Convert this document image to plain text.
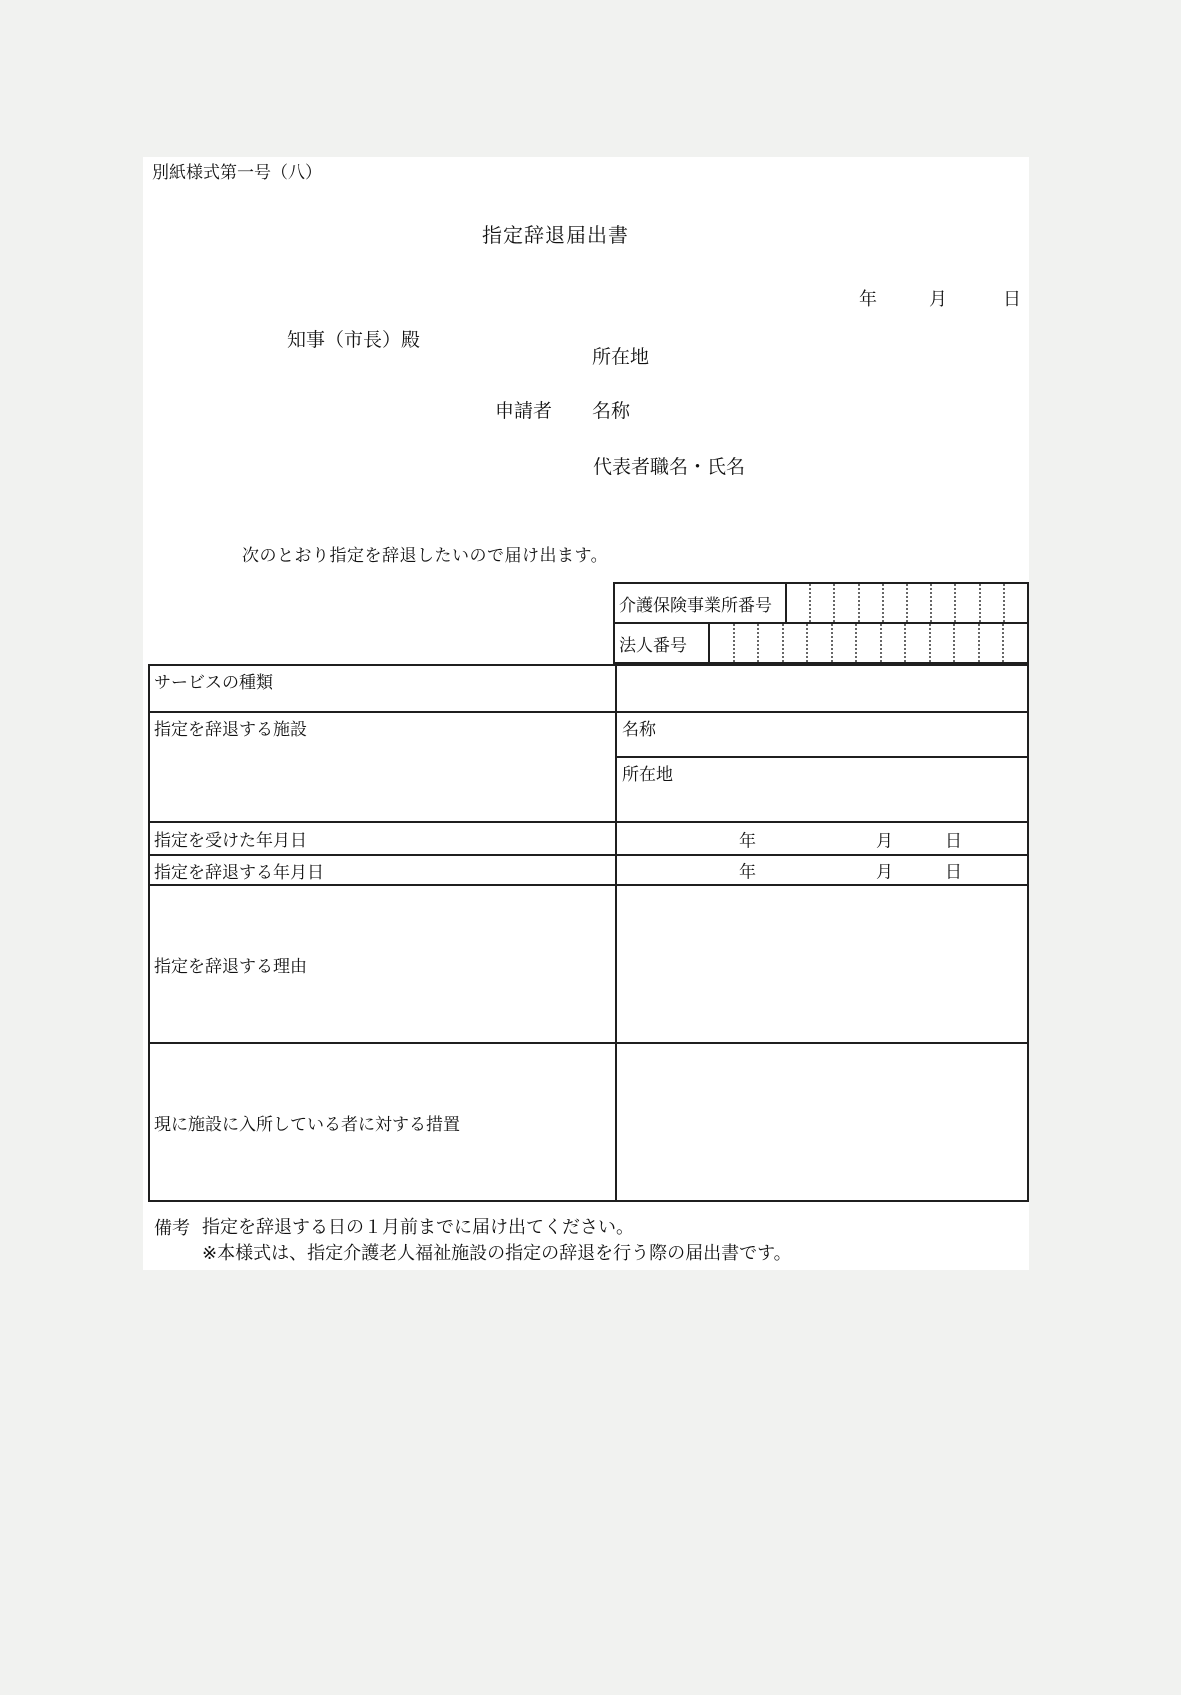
別紙様式第一号（八）
指定辞退届出書
年	月	日
知事（市長）殿
所在地
申請者 名称
代表者職名・氏名
次のとおり指定を辞退したいので届け出ます。
介護保険事業所番号
法人番号
サービスの種類
指定を辞退する施設	名称
所在地
指定を受けた年月日	年	月	日
指定を辞退する年月日	年	月	日
指定を辞退する理由
現に施設に入所している者に対する措置
備考 指定を辞退する日の１月前までに届け出てください。
※本様式は、指定介護老人福祉施設の指定の辞退を行う際の届出書です。
